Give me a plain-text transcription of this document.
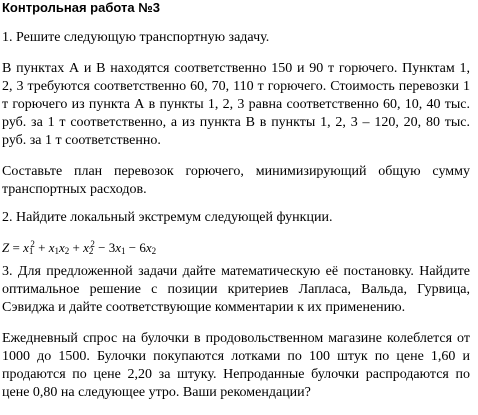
Контрольная работа №3
1. Решите следующую транспортную задачу.
В пунктах А и В находятся соответственно 150 и 90 т горючего. Пунктам 1,
2, 3 требуются соответственно 60, 70, 110 т горючего. Стоимость перевозки 1
т горючего из пункта А в пункты 1, 2, 3 равна соответственно 60, 10, 40 тыс.
руб. за 1 т соответственно, а из пункта В в пункты 1, 2, 3 – 120, 20, 80 тыс.
руб. за 1 т соответственно.
Составьте план перевозок горючего, минимизирующий общую сумму
транспортных расходов.
2. Найдите локальный экстремум следующей функции.
$Z = x_1^2 + x_1x_2 + x_2^2 - 3x_1 - 6x_2$
3. Для предложенной задачи дайте математическую её постановку. Найдите
оптимальное решение с позиции критериев Лапласа, Вальда, Гурвица,
Сэвиджа и дайте соответствующие комментарии к их применению.
Ежедневный спрос на булочки в продовольственном магазине колеблется от
1000 до 1500. Булочки покупаются лотками по 100 штук по цене 1,60 и
продаются по цене 2,20 за штуку. Непроданные булочки распродаются по
цене 0,80 на следующее утро. Ваши рекомендации?
